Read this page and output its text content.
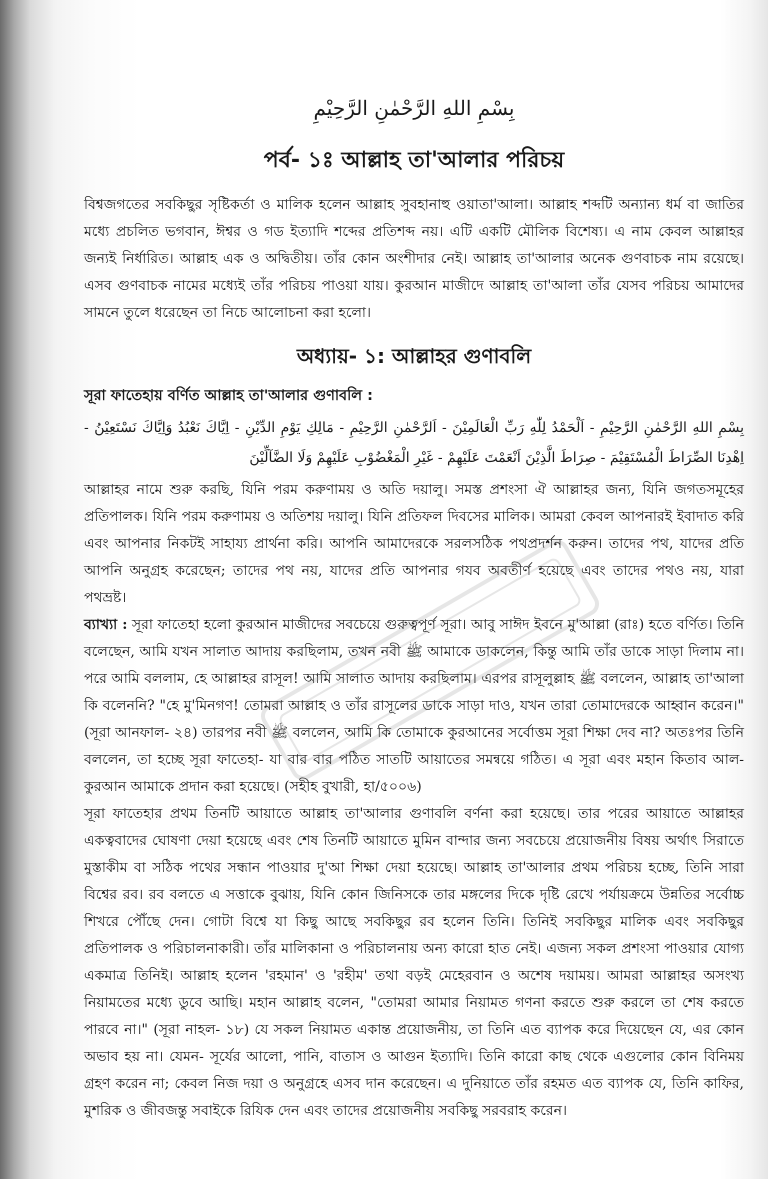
بِسْمِ اللهِ الرَّحْمٰنِ الرَّحِيْمِ
পর্ব- ১ঃ আল্লাহ তা'আলার পরিচয়

বিশ্বজগতের সবকিছুর সৃষ্টিকর্তা ও মালিক হলেন আল্লাহ সুবহানাহু ওয়াতা'আলা। আল্লাহ শব্দটি অন্যান্য ধর্ম বা জাতির মধ্যে প্রচলিত ভগবান, ঈশ্বর ও গড ইত্যাদি শব্দের প্রতিশব্দ নয়। এটি একটি মৌলিক বিশেষ্য। এ নাম কেবল আল্লাহর জন্যই নির্ধারিত। আল্লাহ এক ও অদ্বিতীয়। তাঁর কোন অংশীদার নেই। আল্লাহ তা'আলার অনেক গুণবাচক নাম রয়েছে। এসব গুণবাচক নামের মধ্যেই তাঁর পরিচয় পাওয়া যায়। কুরআন মাজীদে আল্লাহ তা'আলা তাঁর যেসব পরিচয় আমাদের সামনে তুলে ধরেছেন তা নিচে আলোচনা করা হলো।

অধ্যায়- ১: আল্লাহর গুণাবলি
সূরা ফাতেহায় বর্ণিত আল্লাহ তা'আলার গুণাবলি :
بِسْمِ اللهِ الرَّحْمٰنِ الرَّحِيْمِ - اَلْحَمْدُ لِلّٰهِ رَبِّ الْعَالَمِيْنَ - اَلرَّحْمٰنِ الرَّحِيْمِ - مَالِكِ يَوْمِ الدِّيْنِ - اِيَّاكَ نَعْبُدُ وَاِيَّاكَ نَسْتَعِيْنُ - اِهْدِنَا الصِّرَاطَ الْمُسْتَقِيْمَ - صِرَاطَ الَّذِيْنَ اَنْعَمْتَ عَلَيْهِمْ - غَيْرِ الْمَغْضُوْبِ عَلَيْهِمْ وَلَا الضَّآلِّيْنَ

আল্লাহর নামে শুরু করছি, যিনি পরম করুণাময় ও অতি দয়ালু। সমস্ত প্রশংসা ঐ আল্লাহর জন্য, যিনি জগতসমূহের প্রতিপালক। যিনি পরম করুণাময় ও অতিশয় দয়ালু। যিনি প্রতিফল দিবসের মালিক। আমরা কেবল আপনারই ইবাদাত করি এবং আপনার নিকটই সাহায্য প্রার্থনা করি। আপনি আমাদেরকে সরলসঠিক পথপ্রদর্শন করুন। তাদের পথ, যাদের প্রতি আপনি অনুগ্রহ করেছেন; তাদের পথ নয়, যাদের প্রতি আপনার গযব অবতীর্ণ হয়েছে এবং তাদের পথও নয়, যারা পথভ্রষ্ট।

ব্যাখ্যা : সূরা ফাতেহা হলো কুরআন মাজীদের সবচেয়ে গুরুত্বপূর্ণ সূরা। আবু সাঈদ ইবনে মু'আল্লা (রাঃ) হতে বর্ণিত। তিনি বলেছেন, আমি যখন সালাত আদায় করছিলাম, তখন নবী ﷺ আমাকে ডাকলেন, কিন্তু আমি তাঁর ডাকে সাড়া দিলাম না। পরে আমি বললাম, হে আল্লাহর রাসূল! আমি সালাত আদায় করছিলাম। এরপর রাসূলুল্লাহ ﷺ বললেন, আল্লাহ তা'আলা কি বলেননি? "হে মু'মিনগণ! তোমরা আল্লাহ ও তাঁর রাসূলের ডাকে সাড়া দাও, যখন তারা তোমাদেরকে আহ্বান করেন।" (সূরা আনফাল- ২৪) তারপর নবী ﷺ বললেন, আমি কি তোমাকে কুরআনের সর্বোত্তম সূরা শিক্ষা দেব না? অতঃপর তিনি বললেন, তা হচ্ছে সূরা ফাতেহা- যা বার বার পঠিত সাতটি আয়াতের সমন্বয়ে গঠিত। এ সূরা এবং মহান কিতাব আল-কুরআন আমাকে প্রদান করা হয়েছে। (সহীহ বুখারী, হা/৫০০৬)

সূরা ফাতেহার প্রথম তিনটি আয়াতে আল্লাহ তা'আলার গুণাবলি বর্ণনা করা হয়েছে। তার পরের আয়াতে আল্লাহর একত্ববাদের ঘোষণা দেয়া হয়েছে এবং শেষ তিনটি আয়াতে মুমিন বান্দার জন্য সবচেয়ে প্রয়োজনীয় বিষয় অর্থাৎ সিরাতে মুস্তাকীম বা সঠিক পথের সন্ধান পাওয়ার দু'আ শিক্ষা দেয়া হয়েছে। আল্লাহ তা'আলার প্রথম পরিচয় হচ্ছে, তিনি সারা বিশ্বের রব। রব বলতে এ সত্তাকে বুঝায়, যিনি কোন জিনিসকে তার মঙ্গলের দিকে দৃষ্টি রেখে পর্যায়ক্রমে উন্নতির সর্বোচ্চ শিখরে পৌঁছে দেন। গোটা বিশ্বে যা কিছু আছে সবকিছুর রব হলেন তিনি। তিনিই সবকিছুর মালিক এবং সবকিছুর প্রতিপালক ও পরিচালনাকারী। তাঁর মালিকানা ও পরিচালনায় অন্য কারো হাত নেই। এজন্য সকল প্রশংসা পাওয়ার যোগ্য একমাত্র তিনিই। আল্লাহ হলেন 'রহমান' ও 'রহীম' তথা বড়ই মেহেরবান ও অশেষ দয়াময়। আমরা আল্লাহর অসংখ্য নিয়ামতের মধ্যে ডুবে আছি। মহান আল্লাহ বলেন, "তোমরা আমার নিয়ামত গণনা করতে শুরু করলে তা শেষ করতে পারবে না।" (সূরা নাহল- ১৮) যে সকল নিয়ামত একান্ত প্রয়োজনীয়, তা তিনি এত ব্যাপক করে দিয়েছেন যে, এর কোন অভাব হয় না। যেমন- সূর্যের আলো, পানি, বাতাস ও আগুন ইত্যাদি। তিনি কারো কাছ থেকে এগুলোর কোন বিনিময় গ্রহণ করেন না; কেবল নিজ দয়া ও অনুগ্রহে এসব দান করেছেন। এ দুনিয়াতে তাঁর রহমত এত ব্যাপক যে, তিনি কাফির, মুশরিক ও জীবজন্তু সবাইকে রিযিক দেন এবং তাদের প্রয়োজনীয় সবকিছু সরবরাহ করেন।
